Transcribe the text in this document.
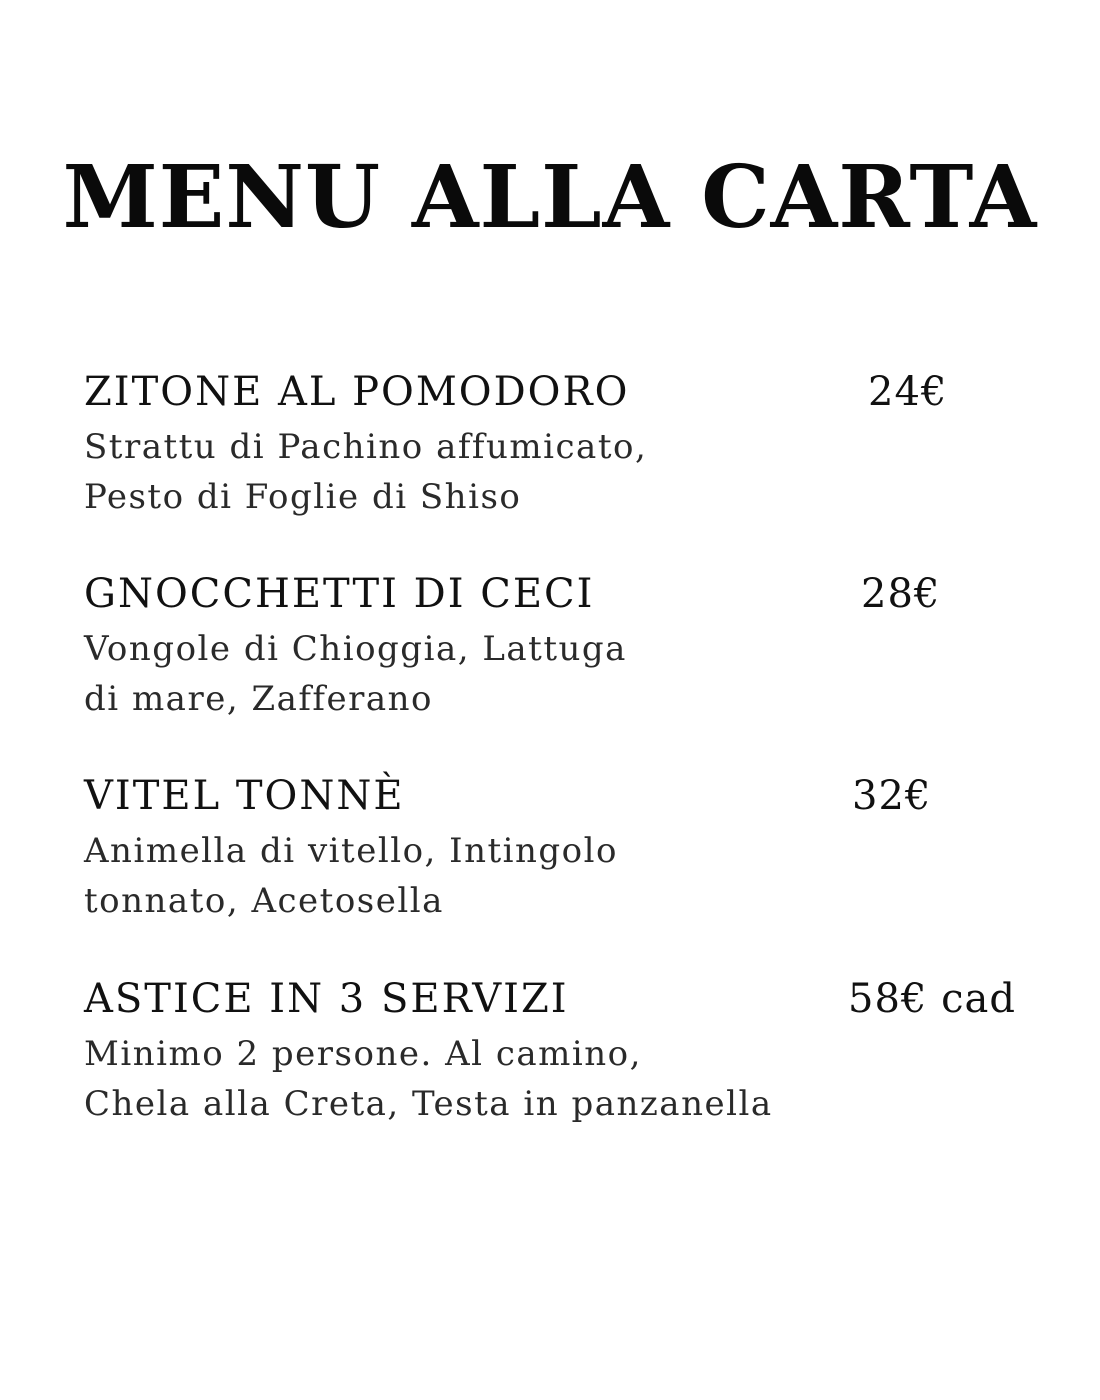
MENU ALLA CARTA
ZITONE AL POMODORO	24€
Strattu di Pachino affumicato,
Pesto di Foglie di Shiso
GNOCCHETTI DI CECI	28€
Vongole di Chioggia, Lattuga
di mare, Zafferano
VITEL TONNÈ	32€
Animella di vitello, Intingolo
tonnato, Acetosella
ASTICE IN 3 SERVIZI	58€ cad
Minimo 2 persone. Al camino,
Chela alla Creta, Testa in panzanella
